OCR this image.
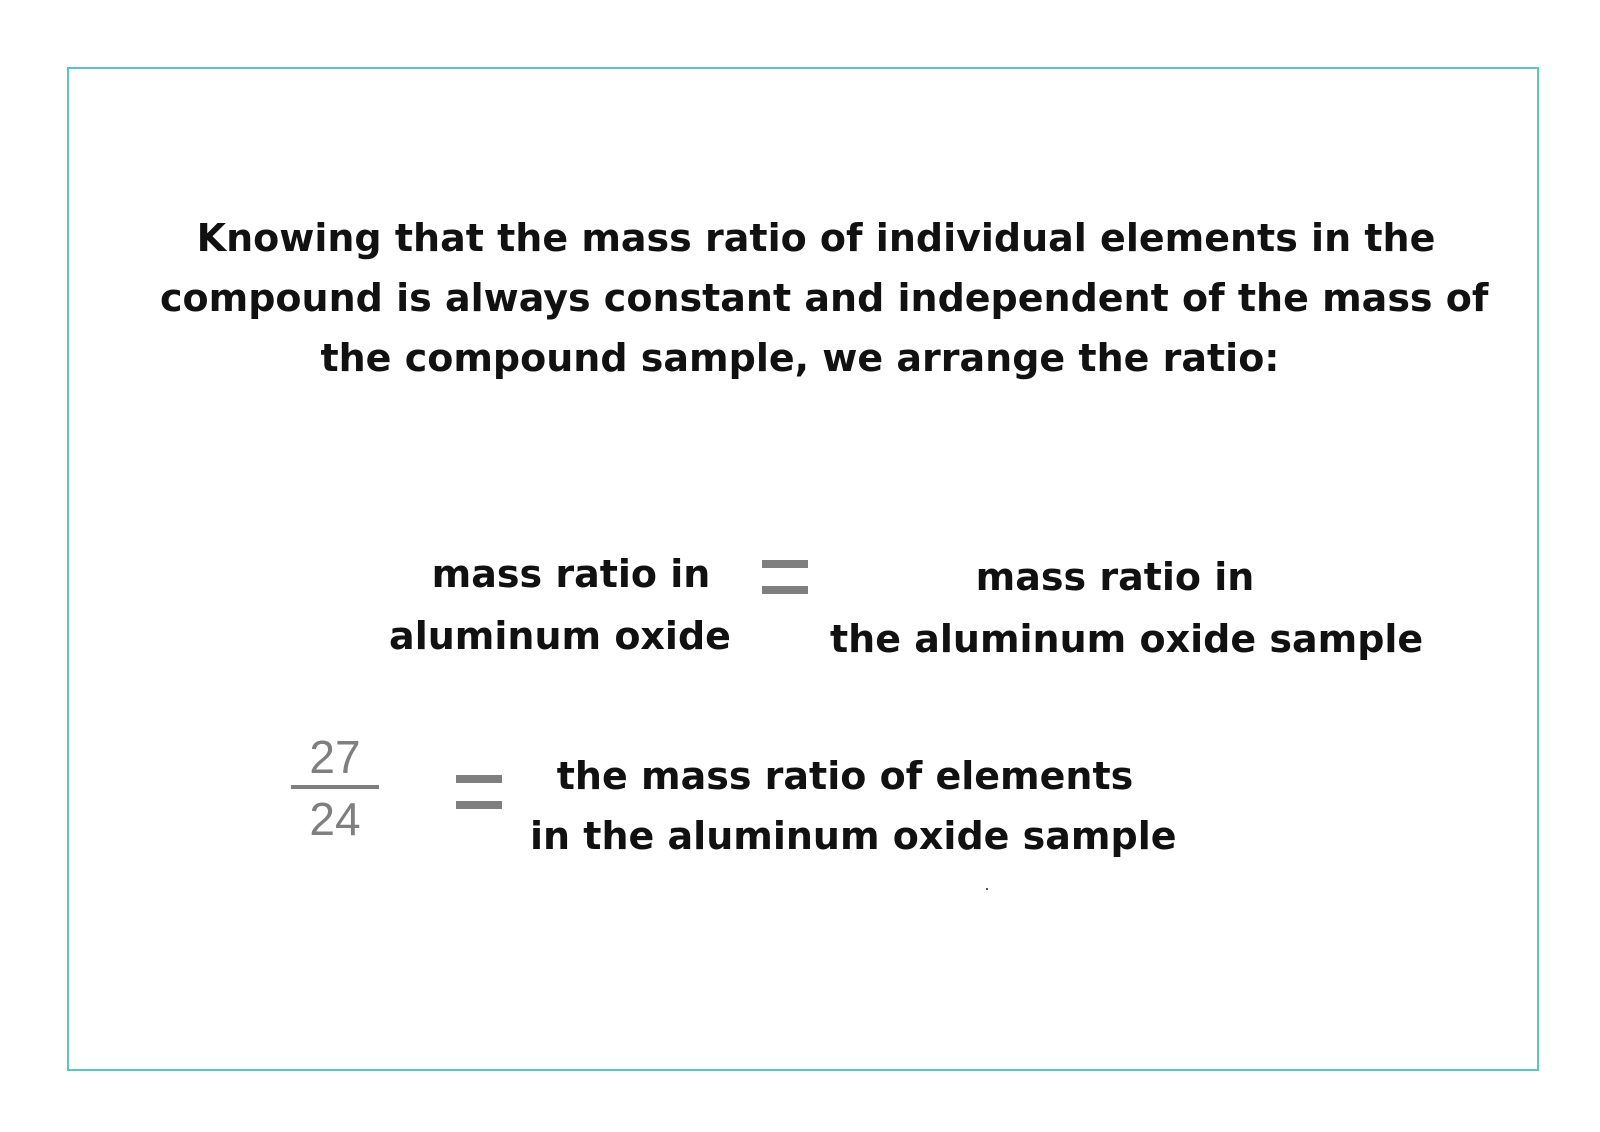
Knowing that the mass ratio of individual elements in the
compound is always constant and independent of the mass of
the compound sample, we arrange the ratio:
mass ratio in
aluminum oxide
mass ratio in
the aluminum oxide sample
27
24
the mass ratio of elements
in the aluminum oxide sample
